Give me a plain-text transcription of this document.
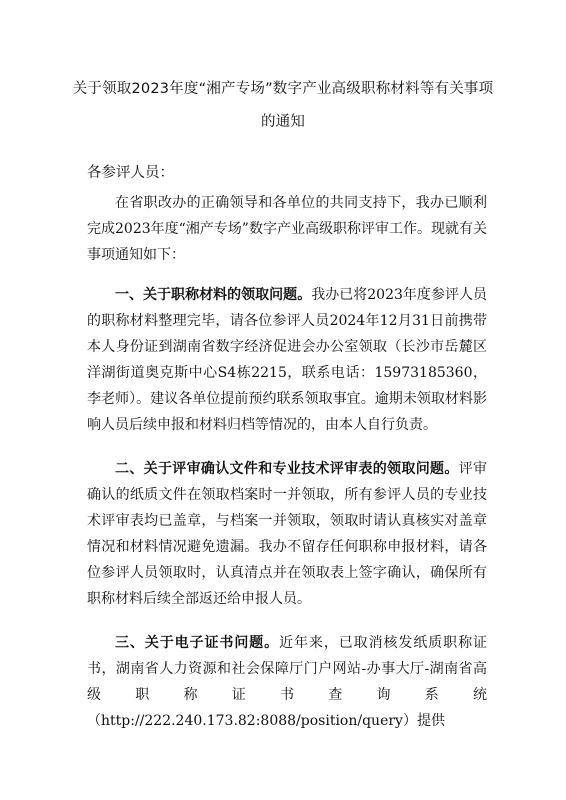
关于领取2023年度“湘产专场”数字产业高级职称材料等有关事项的通知
各参评人员：

在省职改办的正确领导和各单位的共同支持下，我办已顺利完成2023年度“湘产专场”数字产业高级职称评审工作。现就有关事项通知如下：

一、关于职称材料的领取问题。我办已将2023年度参评人员的职称材料整理完毕，请各位参评人员2024年12月31日前携带本人身份证到湖南省数字经济促进会办公室领取（长沙市岳麓区洋湖街道奥克斯中心S4栋2215，联系电话：15973185360，李老师）。建议各单位提前预约联系领取事宜。逾期未领取材料影响人员后续申报和材料归档等情况的，由本人自行负责。

二、关于评审确认文件和专业技术评审表的领取问题。评审确认的纸质文件在领取档案时一并领取，所有参评人员的专业技术评审表均已盖章，与档案一并领取，领取时请认真核实对盖章情况和材料情况避免遗漏。我办不留存任何职称申报材料，请各位参评人员领取时，认真清点并在领取表上签字确认，确保所有职称材料后续全部返还给申报人员。

三、关于电子证书问题。近年来，已取消核发纸质职称证书，湖南省人力资源和社会保障厅门户网站-办事大厅-湖南省高级职称证书查询系统（http://222.240.173.82:8088/position/query）提供
